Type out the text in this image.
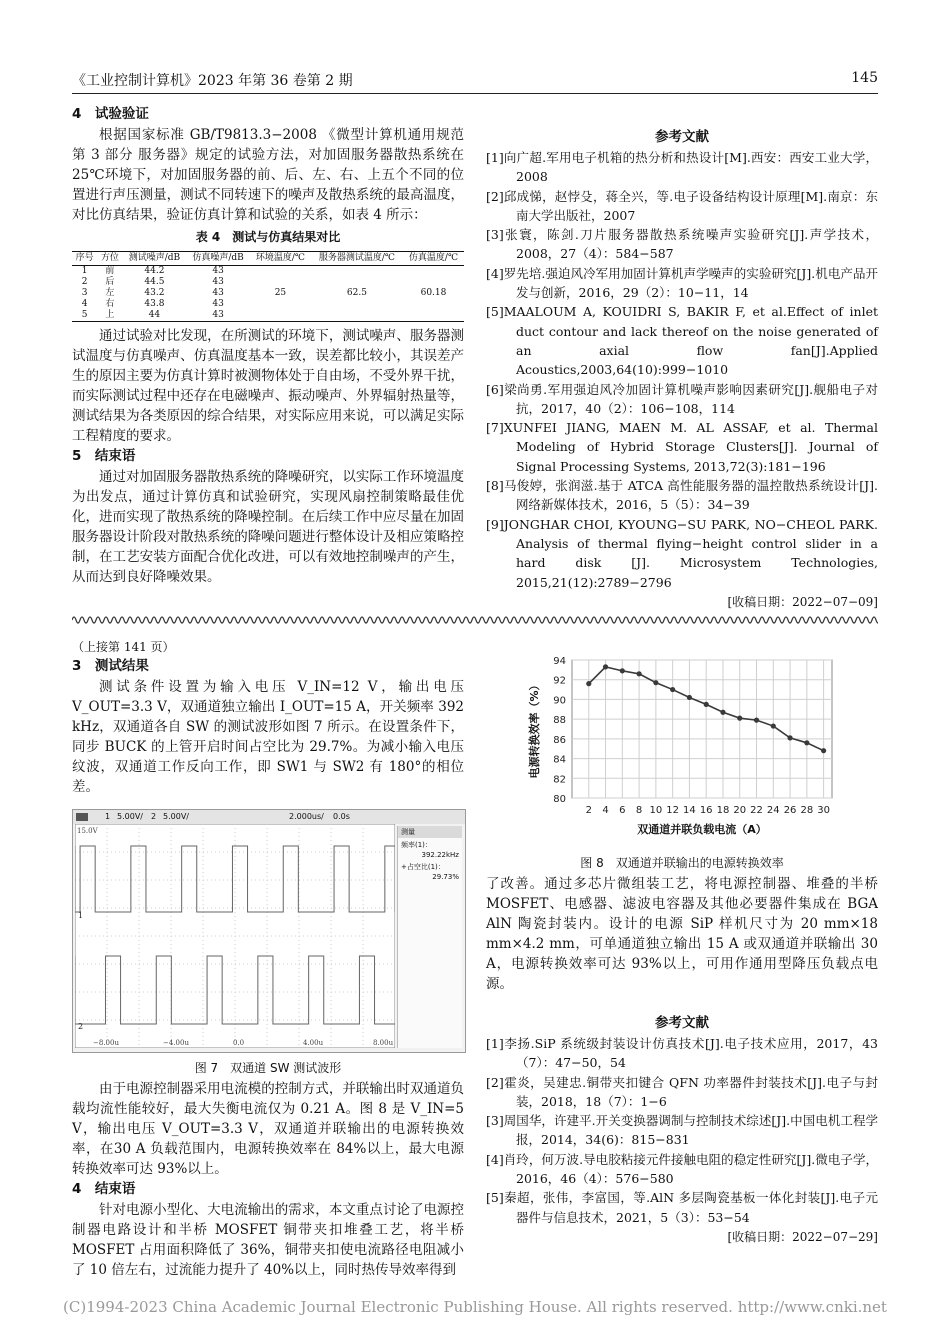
《工业控制计算机》2023 年第 36 卷第 2 期	145
4　试验验证

根据国家标准 GB/T9813.3−2008 《微型计算机通用规范 第 3 部分 服务器》规定的试验方法，对加固服务器散热系统在 25℃环境下，对加固服务器的前、后、左、右、上五个不同的位置进行声压测量，测试不同转速下的噪声及散热系统的最高温度，对比仿真结果，验证仿真计算和试验的关系，如表 4 所示：

表 4　测试与仿真结果对比
序号	方位	测试噪声/dB	仿真噪声/dB	环境温度/℃	服务器测试温度/℃	仿真温度/℃
1	前	44.2	43	25	62.5	60.18
2	后	44.5	43			
3	左	43.2	43			
4	右	43.8	43			
5	上	44	43			

通过试验对比发现，在所测试的环境下，测试噪声、服务器测试温度与仿真噪声、仿真温度基本一致，误差都比较小，其误差产生的原因主要为仿真计算时被测物体处于自由场，不受外界干扰，而实际测试过程中还存在电磁噪声、振动噪声、外界辐射热量等，测试结果为各类原因的综合结果，对实际应用来说，可以满足实际工程精度的要求。

5　结束语

通过对加固服务器散热系统的降噪研究，以实际工作环境温度为出发点，通过计算仿真和试验研究，实现风扇控制策略最佳优化，进而实现了散热系统的降噪控制。在后续工作中应尽量在加固服务器设计阶段对散热系统的降噪问题进行整体设计及相应策略控制，在工艺安装方面配合优化改进，可以有效地控制噪声的产生，从而达到良好降噪效果。

参考文献
[1]向广超.军用电子机箱的热分析和热设计[M].西安：西安工业大学，2008
[2]邱成悌，赵悖殳，蒋全兴，等.电子设备结构设计原理[M].南京：东南大学出版社，2007
[3]张寰，陈剑.刀片服务器散热系统噪声实验研究[J].声学技术，2008，27（4）：584−587
[4]罗先培.强迫风冷军用加固计算机声学噪声的实验研究[J].机电产品开发与创新，2016，29（2）：10−11，14
[5]MAALOUM A, KOUIDRI S, BAKIR F, et al.Effect of inlet duct contour and lack thereof on the noise generated of an axial flow fan[J].Applied Acoustics,2003,64(10):999−1010
[6]梁尚勇.军用强迫风冷加固计算机噪声影响因素研究[J].舰船电子对抗，2017，40（2）：106−108，114
[7]XUNFEI JIANG, MAEN M. AL ASSAF, et al. Thermal Modeling of Hybrid Storage Clusters[J]. Journal of Signal Processing Systems, 2013,72(3):181−196
[8]马俊婷，张润滋.基于 ATCA 高性能服务器的温控散热系统设计[J].网络新媒体技术，2016，5（5）：34−39
[9]JONGHAR CHOI, KYOUNG−SU PARK, NO−CHEOL PARK. Analysis of thermal flying−height control slider in a hard disk [J]. Microsystem Technologies, 2015,21(12):2789−2796
[收稿日期：2022−07−09]
（上接第 141 页）
3　测试结果

测试条件设置为输入电压 V_IN=12 V，输出电压 V_OUT=3.3 V，双通道独立输出 I_OUT=15 A，开关频率 392 kHz，双通道各自 SW 的测试波形如图 7 所示。在设置条件下，同步 BUCK 的上管开启时间占空比为 29.7%。为减小输入电压纹波，双通道工作反向工作，即 SW1 与 SW2 有 180°的相位差。

1 5.00V/ 2 5.00V/	2.000us/ 0.0s
15.0V
−8.00u	−4.00u	0.0	4.00u	8.00u
1
2
测量
频率(1)：
392.22kHz
+占空比(1)：
29.73%
图 7　双通道 SW 测试波形

由于电源控制器采用电流模的控制方式，并联输出时双通道负载均流性能较好，最大失衡电流仅为 0.21 A。图 8 是 V_IN=5 V，输出电压 V_OUT=3.3 V，双通道并联输出的电源转换效率，在30 A 负载范围内，电源转换效率在 84%以上，最大电源转换效率可达 93%以上。

4　结束语

针对电源小型化、大电流输出的需求，本文重点讨论了电源控制器电路设计和半桥 MOSFET 铜带夹扣堆叠工艺，将半桥 MOSFET 占用面积降低了 36%，铜带夹扣使电流路径电阻减小了 10 倍左右，过流能力提升了 40%以上，同时热传导效率得到

80
82
84
86
88
90
92
94
2 4 6 8 10 12 14 16 18 20 22 24 26 28 30
双通道并联负载电流（A）
电源转换效率（%）
图 8　双通道并联输出的电源转换效率

了改善。通过多芯片微组装工艺，将电源控制器、堆叠的半桥 MOSFET、电感器、滤波电容器及其他必要器件集成在 BGA AlN 陶瓷封装内。设计的电源 SiP 样机尺寸为 20 mm×18 mm×4.2 mm，可单通道独立输出 15 A 或双通道并联输出 30 A，电源转换效率可达 93%以上，可用作通用型降压负载点电源。

参考文献
[1]李扬.SiP 系统级封装设计仿真技术[J].电子技术应用，2017，43（7）：47−50，54
[2]霍炎，吴建忠.铜带夹扣键合 QFN 功率器件封装技术[J].电子与封装，2018，18（7）：1−6
[3]周国华，许建平.开关变换器调制与控制技术综述[J].中国电机工程学报，2014，34(6)：815−831
[4]肖玲，何万波.导电胶粘接元件接触电阻的稳定性研究[J].微电子学，2016，46（4）：576−580
[5]秦超，张伟，李富国，等.AlN 多层陶瓷基板一体化封装[J].电子元器件与信息技术，2021，5（3）：53−54
[收稿日期：2022−07−29]
(C)1994-2023 China Academic Journal Electronic Publishing House. All rights reserved. http://www.cnki.net
